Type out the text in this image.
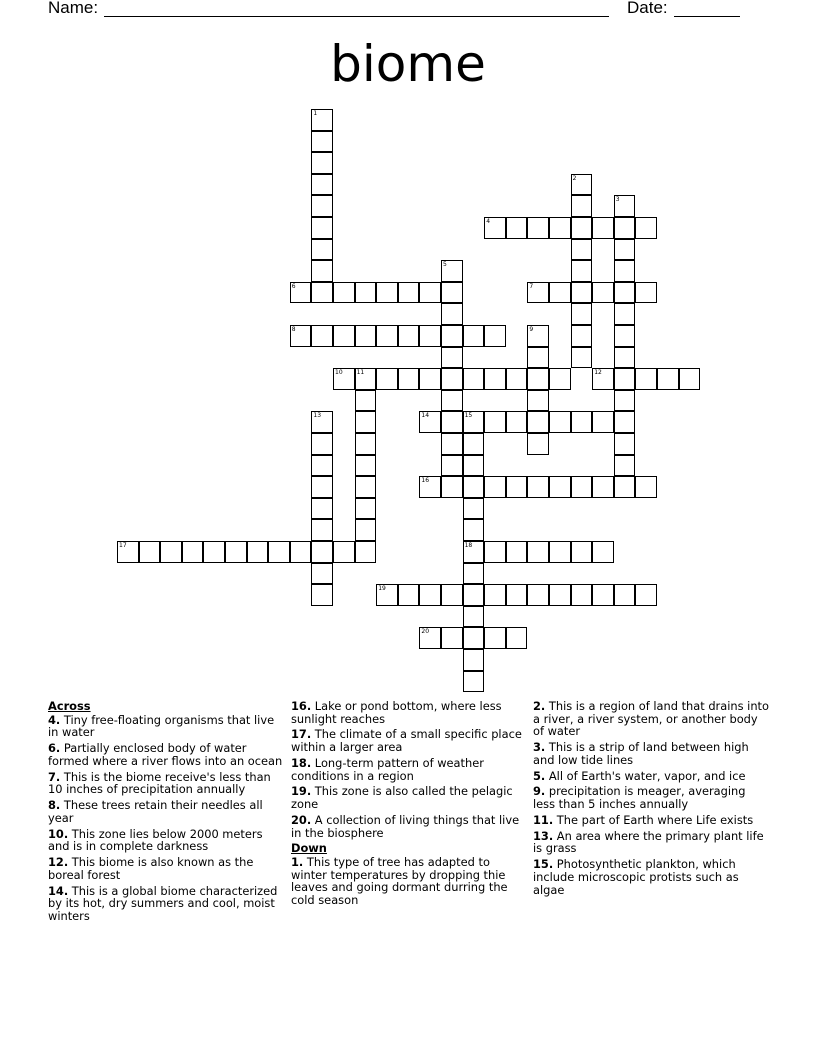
Name:	Date:
biome
1
2
3
4
5
6	7
8	9
10 11	12
13	14	15
18
16
17
19
20
Across
4. Tiny free-floating organisms that live in water
6. Partially enclosed body of water formed where a river flows into an ocean
7. This is the biome receive's less than 10 inches of precipitation annually
8. These trees retain their needles all year
10. This zone lies below 2000 meters and is in complete darkness
12. This biome is also known as the boreal forest
14. This is a global biome characterized by its hot, dry summers and cool, moist winters
16. Lake or pond bottom, where less sunlight reaches
17. The climate of a small specific place within a larger area
18. Long-term pattern of weather conditions in a region
19. This zone is also called the pelagic zone
20. A collection of living things that live in the biosphere
Down
1. This type of tree has adapted to winter temperatures by dropping thie leaves and going dormant durring the cold season
2. This is a region of land that drains into a river, a river system, or another body of water
3. This is a strip of land between high and low tide lines
5. All of Earth's water, vapor, and ice
9. precipitation is meager, averaging less than 5 inches annually
11. The part of Earth where Life exists
13. An area where the primary plant life is grass
15. Photosynthetic plankton, which include microscopic protists such as algae
